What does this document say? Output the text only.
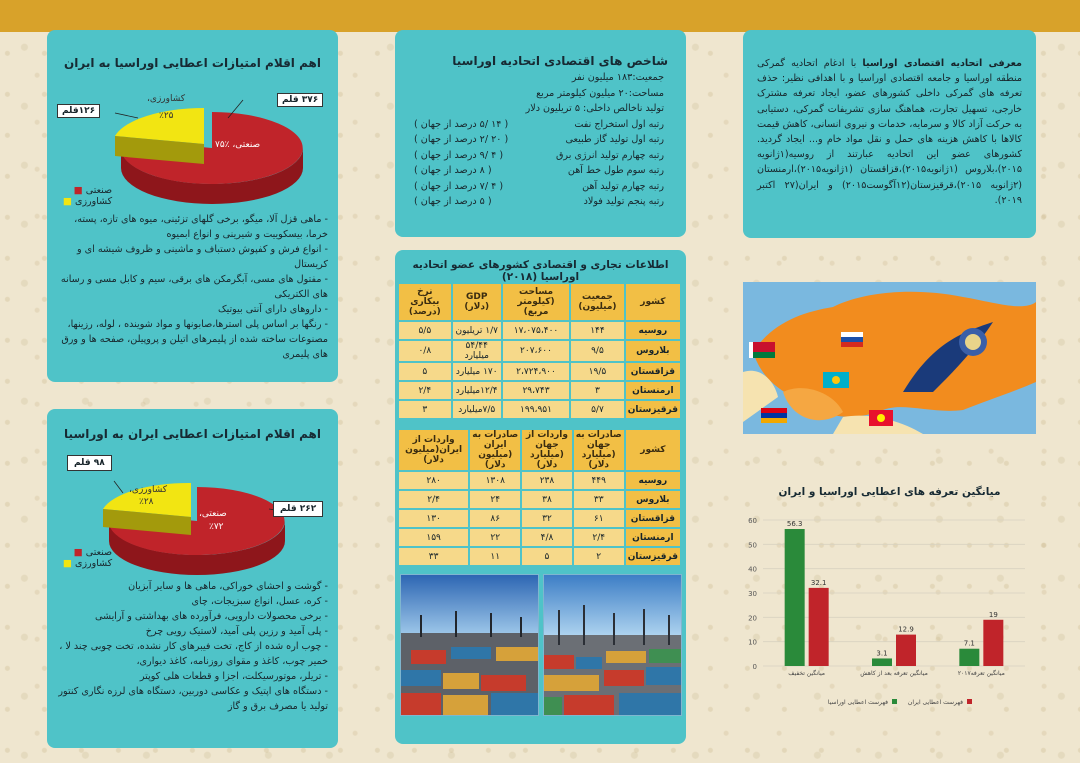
اهم اقلام امتیازات اعطایی اوراسیا به ایران
۳۷۶ قلم
۱۲۶قلم
صنعتی، ٪۷۵
کشاورزی،
٪۲۵
صنعتی ■
کشاورزی ■
- ماهی قزل آلا، میگو، برخی گلهای تزئینی، میوه های تازه، پسته، خرما، بیسکوییت و شیرینی و انواع ابمیوه
- انواع فرش و کفپوش دستباف و ماشینی و ظروف شیشه ای و کریستال
- مفتول های مسی، آبگرمکن های برقی، سیم و کابل مسی و رسانه های الکتریکی
- داروهای دارای آنتی بیوتیک
- رنگها بر اساس پلی استرها،صابونها و مواد شوینده ، لوله، رزینها، مصنوعات ساخته شده از پلیمرهای اتیلن و پروپیلن، صفحه ها و ورق های پلیمری
اهم اقلام امتیازات اعطایی ایران به اوراسیا
۹۸ قلم
۲۶۲ قلم
صنعتی،
٪۷۲
کشاورزی،
٪۲۸
صنعتی ■
کشاورزی ■
- گوشت و احشای خوراکی، ماهی ها و سایر آبزیان
- کره، عسل، انواع سبزیجات، چای
- برخی محصولات دارویی، فرآورده های بهداشتی و آرایشی
- پلی آمید و رزین پلی آمید، لاستیک رویی چرخ
- چوب اره شده از کاج، تخت فیبرهای کار نشده، تخت چوبی چند لا ، خمیر چوب، کاغذ و مقوای روزنامه، کاغذ دیواری،
- تریلر، موتورسیکلت، اجزا و قطعات هلی کوپتر
- دستگاه های اپتیک و عکاسی دوربین، دستگاه های لرزه نگاری کنتور تولید یا مصرف برق و گاز
شاخص های اقتصادی اتحادیه اوراسیا
جمعیت:۱۸۳ میلیون نفر
مساحت:۲۰ میلیون کیلومتر مربع
تولید ناخالص داخلی: ۵ تریلیون دلار
رتبه اول استخراج نفت
( ۱۴ /۵ درصد از جهان )
رتبه اول تولید گاز طبیعی
( ۲۰ /۲ درصد از جهان )
رتبه چهارم تولید انرژی برق
( ۴ /۹ درصد از جهان )
رتبه سوم طول خط آهن
( ۸ درصد از جهان )
رتبه چهارم تولید آهن
( ۴ /۷ درصد از جهان )
رتبه پنجم تولید فولاد
( ۵ درصد از جهان )
اطلاعات تجاری و اقتصادی کشورهای عضو اتحادیه اوراسیا (۲۰۱۸)
کشور	جمعیت (میلیون)	مساحت (کیلومتر مربع)	GDP (دلار)	نرخ بیکاری (درصد)
روسیه	۱۴۴	۱۷،۰۷۵،۴۰۰	۱/۷ تریلیون	۵/۵
بلاروس	۹/۵	۲۰۷،۶۰۰	۵۴/۴۴ میلیارد	۰/۸
قزاقستان	۱۹/۵	۲،۷۲۴،۹۰۰	۱۷۰ میلیارد	۵
ارمنستان	۳	۲۹،۷۴۳	۱۲/۴میلیارد	۲/۴
قرقیزستان	۵/۷	۱۹۹،۹۵۱	۷/۵میلیارد	۳
کشور	صادرات به جهان (میلیارد دلار)	واردات از جهان (میلیارد دلار)	صادرات به ایران (میلیون دلار)	واردات از ایران(میلیون دلار)
روسیه	۴۴۹	۲۳۸	۱۳۰۸	۲۸۰
بلاروس	۳۳	۳۸	۲۴	۲/۴
قزاقستان	۶۱	۳۲	۸۶	۱۳۰
ارمنستان	۲/۴	۴/۸	۲۲	۱۵۹
قرقیزستان	۲	۵	۱۱	۳۳
معرفی اتحادیه اقتصادی اوراسیا با ادغام اتحادیه گمرکی منطقه اوراسیا و جامعه اقتصادی اوراسیا و با اهدافی نظیر: حذف تعرفه های گمرکی داخلی کشورهای عضو، ایجاد تعرفه مشترک خارجی، تسهیل تجارت، هماهنگ سازی تشریفات گمرکی، دستیابی به حرکت آزاد کالا و سرمایه، خدمات و نیروی انسانی، کاهش قیمت کالاها با کاهش هزینه های حمل و نقل مواد خام و... ایجاد گردید. کشورهای عضو این اتحادیه عبارتند از روسیه(۱ژانویه ۲۰۱۵)،بلاروس (۱ژانویه۲۰۱۵)،قزاقستان (۱ژانویه۲۰۱۵)،ارمنستان (۲ژانویه ۲۰۱۵)،قرقیزستان(۱۲آگوست۲۰۱۵) و ایران(۲۷ اکتبر ۲۰۱۹).
میانگین تعرفه های اعطایی اوراسیا و ایران
0
10
20
30
40
50
60
7.1
19
میانگین تعرفه۲۰۱۷
3.1
12.9
میانگین تعرفه بعد از کاهش
56.3
32.1
میانگین تخفیف
فهرست اعطایی اوراسیا	فهرست اعطایی ایران
